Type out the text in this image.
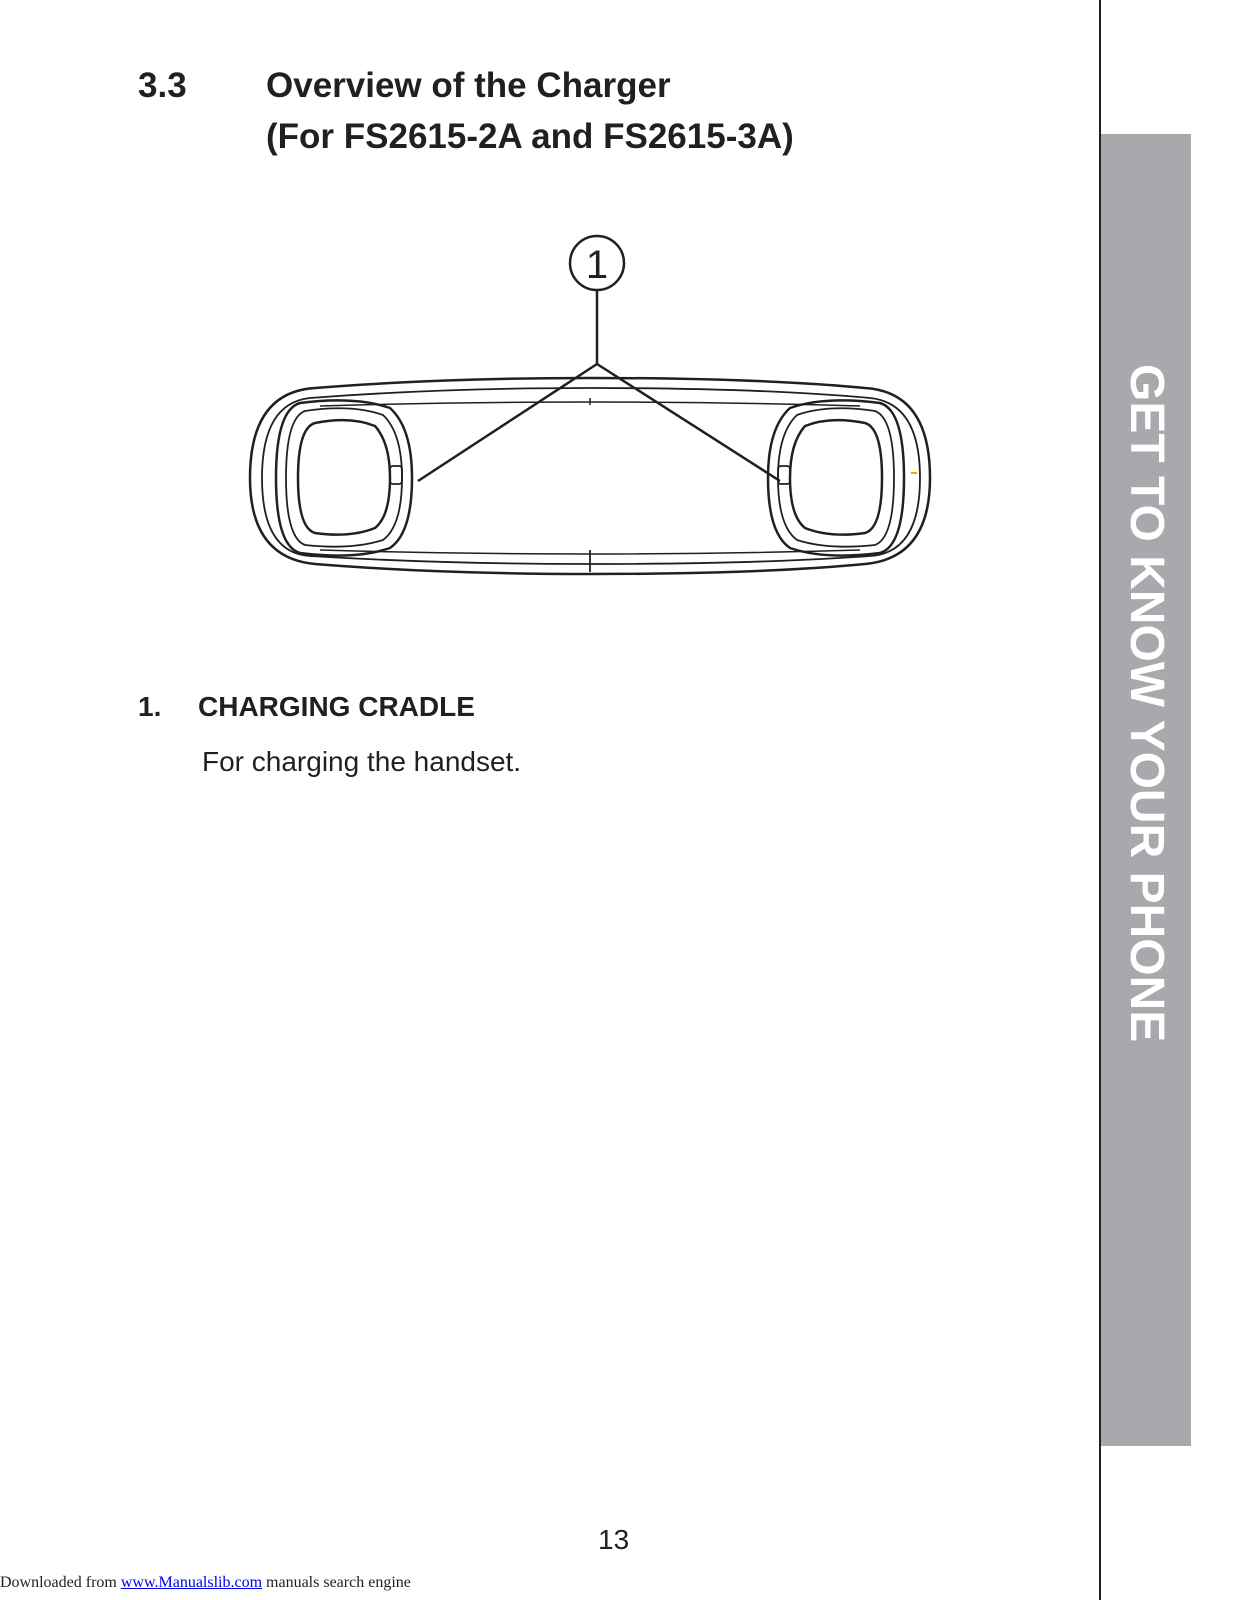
3.3 Overview of the Charger
(For FS2615-2A and FS2615-3A)
1
1. CHARGING CRADLE
For charging the handset.	GET TO KNOW YOUR PHONE
13
Downloaded from www.Manualslib.com manuals search engine
